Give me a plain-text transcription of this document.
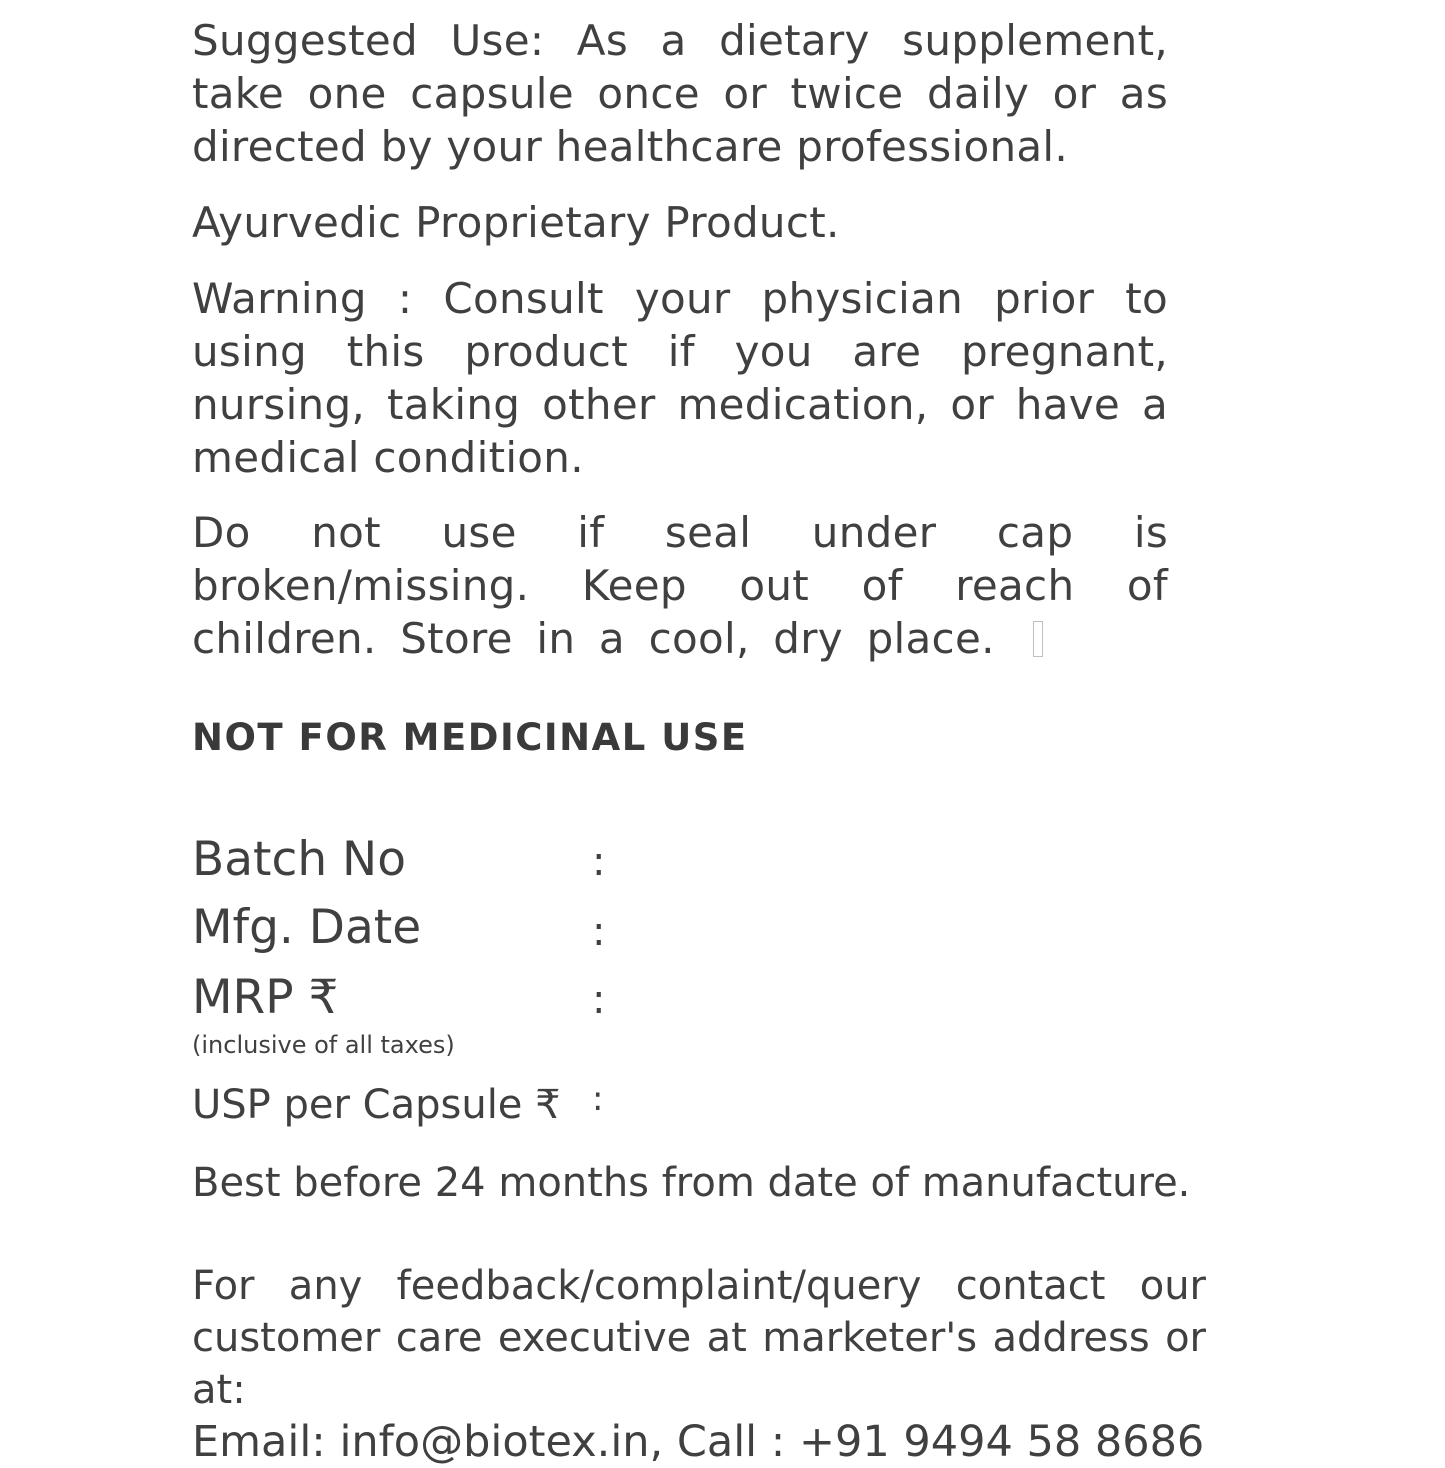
Suggested Use: As a dietary supplement, take one capsule once or twice daily or as directed by your healthcare professional.

Ayurvedic Proprietary Product.

Warning : Consult your physician prior to using this product if you are pregnant, nursing, taking other medication, or have a medical condition.

Do not use if seal under cap is broken/missing. Keep out of reach of children. Store in a cool, dry place.

NOT FOR MEDICINAL USE

Batch No	:

Mfg. Date	:

MRP ₹	:

(inclusive of all taxes)

USP per Capsule ₹ :

Best before 24 months from date of manufacture.

For any feedback/complaint/query contact our
customer care executive at marketer's address or at:
Email: info@biotex.in, Call : +91 9494 58 8686
